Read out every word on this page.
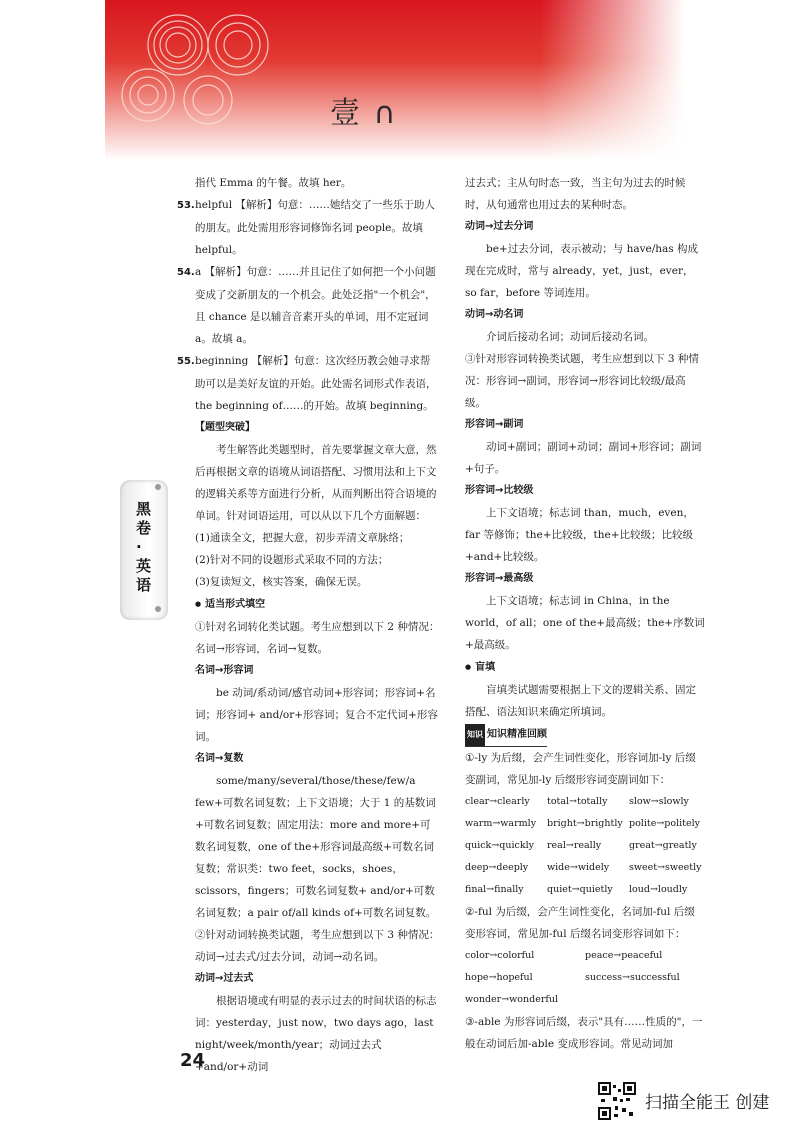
壹 ∩
黑卷·英语

指代 Emma 的午餐。故填 her。

53.helpful 【解析】句意：……她结交了一些乐于助人的朋友。此处需用形容词修饰名词 people。故填 helpful。

54.a 【解析】句意：……并且记住了如何把一个小问题变成了交新朋友的一个机会。此处泛指"一个机会"，且 chance 是以辅音音素开头的单词，用不定冠词 a。故填 a。

55.beginning 【解析】句意：这次经历教会她寻求帮助可以是美好友谊的开始。此处需名词形式作表语，the beginning of……的开始。故填 beginning。

【题型突破】

考生解答此类题型时，首先要掌握文章大意，然后再根据文章的语境从词语搭配、习惯用法和上下文的逻辑关系等方面进行分析，从而判断出符合语境的单词。针对词语运用，可以从以下几个方面解题：

(1)通读全文，把握大意，初步弄清文章脉络；

(2)针对不同的设题形式采取不同的方法；

(3)复读短文，核实答案，确保无误。

● 适当形式填空

①针对名词转化类试题。考生应想到以下 2 种情况：名词→形容词，名词→复数。

名词→形容词

be 动词/系动词/感官动词+形容词；形容词+名词；形容词+ and/or+形容词；复合不定代词+形容词。

名词→复数

some/many/several/those/these/few/a few+可数名词复数；上下文语境；大于 1 的基数词+可数名词复数；固定用法：more and more+可数名词复数，one of the+形容词最高级+可数名词复数；常识类：two feet，socks，shoes，scissors，fingers；可数名词复数+ and/or+可数名词复数；a pair of/all kinds of+可数名词复数。

②针对动词转换类试题，考生应想到以下 3 种情况：动词→过去式/过去分词，动词→动名词。

动词→过去式

根据语境或有明显的表示过去的时间状语的标志词：yesterday，just now，two days ago，last night/week/month/year；动词过去式+and/or+动词

过去式；主从句时态一致，当主句为过去的时候时，从句通常也用过去的某种时态。

动词→过去分词

be+过去分词，表示被动；与 have/has 构成现在完成时，常与 already，yet，just，ever，so far，before 等词连用。

动词→动名词

介词后接动名词；动词后接动名词。

③针对形容词转换类试题，考生应想到以下 3 种情况：形容词→副词，形容词→形容词比较级/最高级。

形容词→副词

动词+副词；副词+动词；副词+形容词；副词+句子。

形容词→比较级

上下文语境；标志词 than，much，even，far 等修饰；the+比较级，the+比较级；比较级+and+比较级。

形容词→最高级

上下文语境；标志词 in China，in the world，of all；one of the+最高级；the+序数词+最高级。

● 盲填

盲填类试题需要根据上下文的逻辑关系、固定搭配、语法知识来确定所填词。

知识 知识精准回顾

①-ly 为后缀，会产生词性变化，形容词加-ly 后缀变副词，常见加-ly 后缀形容词变副词如下：

clear→clearly	total→totally	slow→slowly
warm→warmly	bright→brightly polite→politely
quick→quickly	real→really	great→greatly
deep→deeply	wide→widely	sweet→sweetly
final→finally	quiet→quietly	loud→loudly

②-ful 为后缀，会产生词性变化，名词加-ful 后缀变形容词，常见加-ful 后缀名词变形容词如下：

color→colorful	peace→peaceful
hope→hopeful	success→successful
wonder→wonderful

③-able 为形容词后缀，表示"具有……性质的"，一般在动词后加-able 变成形容词。常见动词加

24
扫描全能王 创建
